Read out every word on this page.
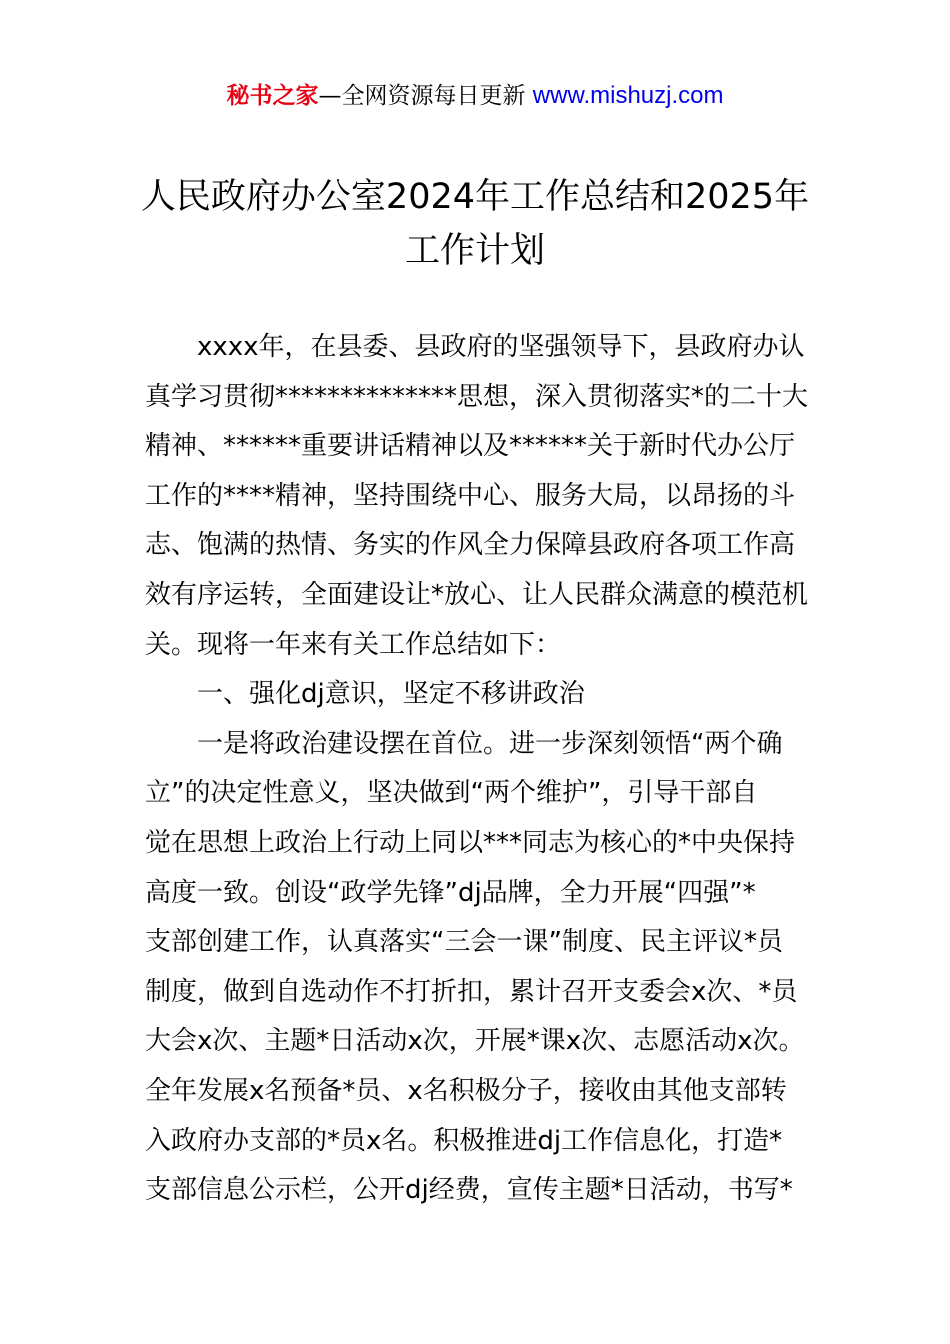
秘书之家—全网资源每日更新 www.mishuzj.com
人民政府办公室2024年工作总结和2025年
工作计划
xxxx年，在县委、县政府的坚强领导下，县政府办认
真学习贯彻**************思想，深入贯彻落实*的二十大
精神、******重要讲话精神以及******关于新时代办公厅
工作的****精神，坚持围绕中心、服务大局，以昂扬的斗
志、饱满的热情、务实的作风全力保障县政府各项工作高
效有序运转，全面建设让*放心、让人民群众满意的模范机
关。现将一年来有关工作总结如下：
一、强化dj意识，坚定不移讲政治
一是将政治建设摆在首位。进一步深刻领悟“两个确
立”的决定性意义，坚决做到“两个维护”，引导干部自
觉在思想上政治上行动上同以***同志为核心的*中央保持
高度一致。创设“政学先锋”dj品牌，全力开展“四强”*
支部创建工作，认真落实“三会一课”制度、民主评议*员
制度，做到自选动作不打折扣，累计召开支委会x次、*员
大会x次、主题*日活动x次，开展*课x次、志愿活动x次。
全年发展x名预备*员、x名积极分子，接收由其他支部转
入政府办支部的*员x名。积极推进dj工作信息化，打造*
支部信息公示栏，公开dj经费，宣传主题*日活动，书写*
